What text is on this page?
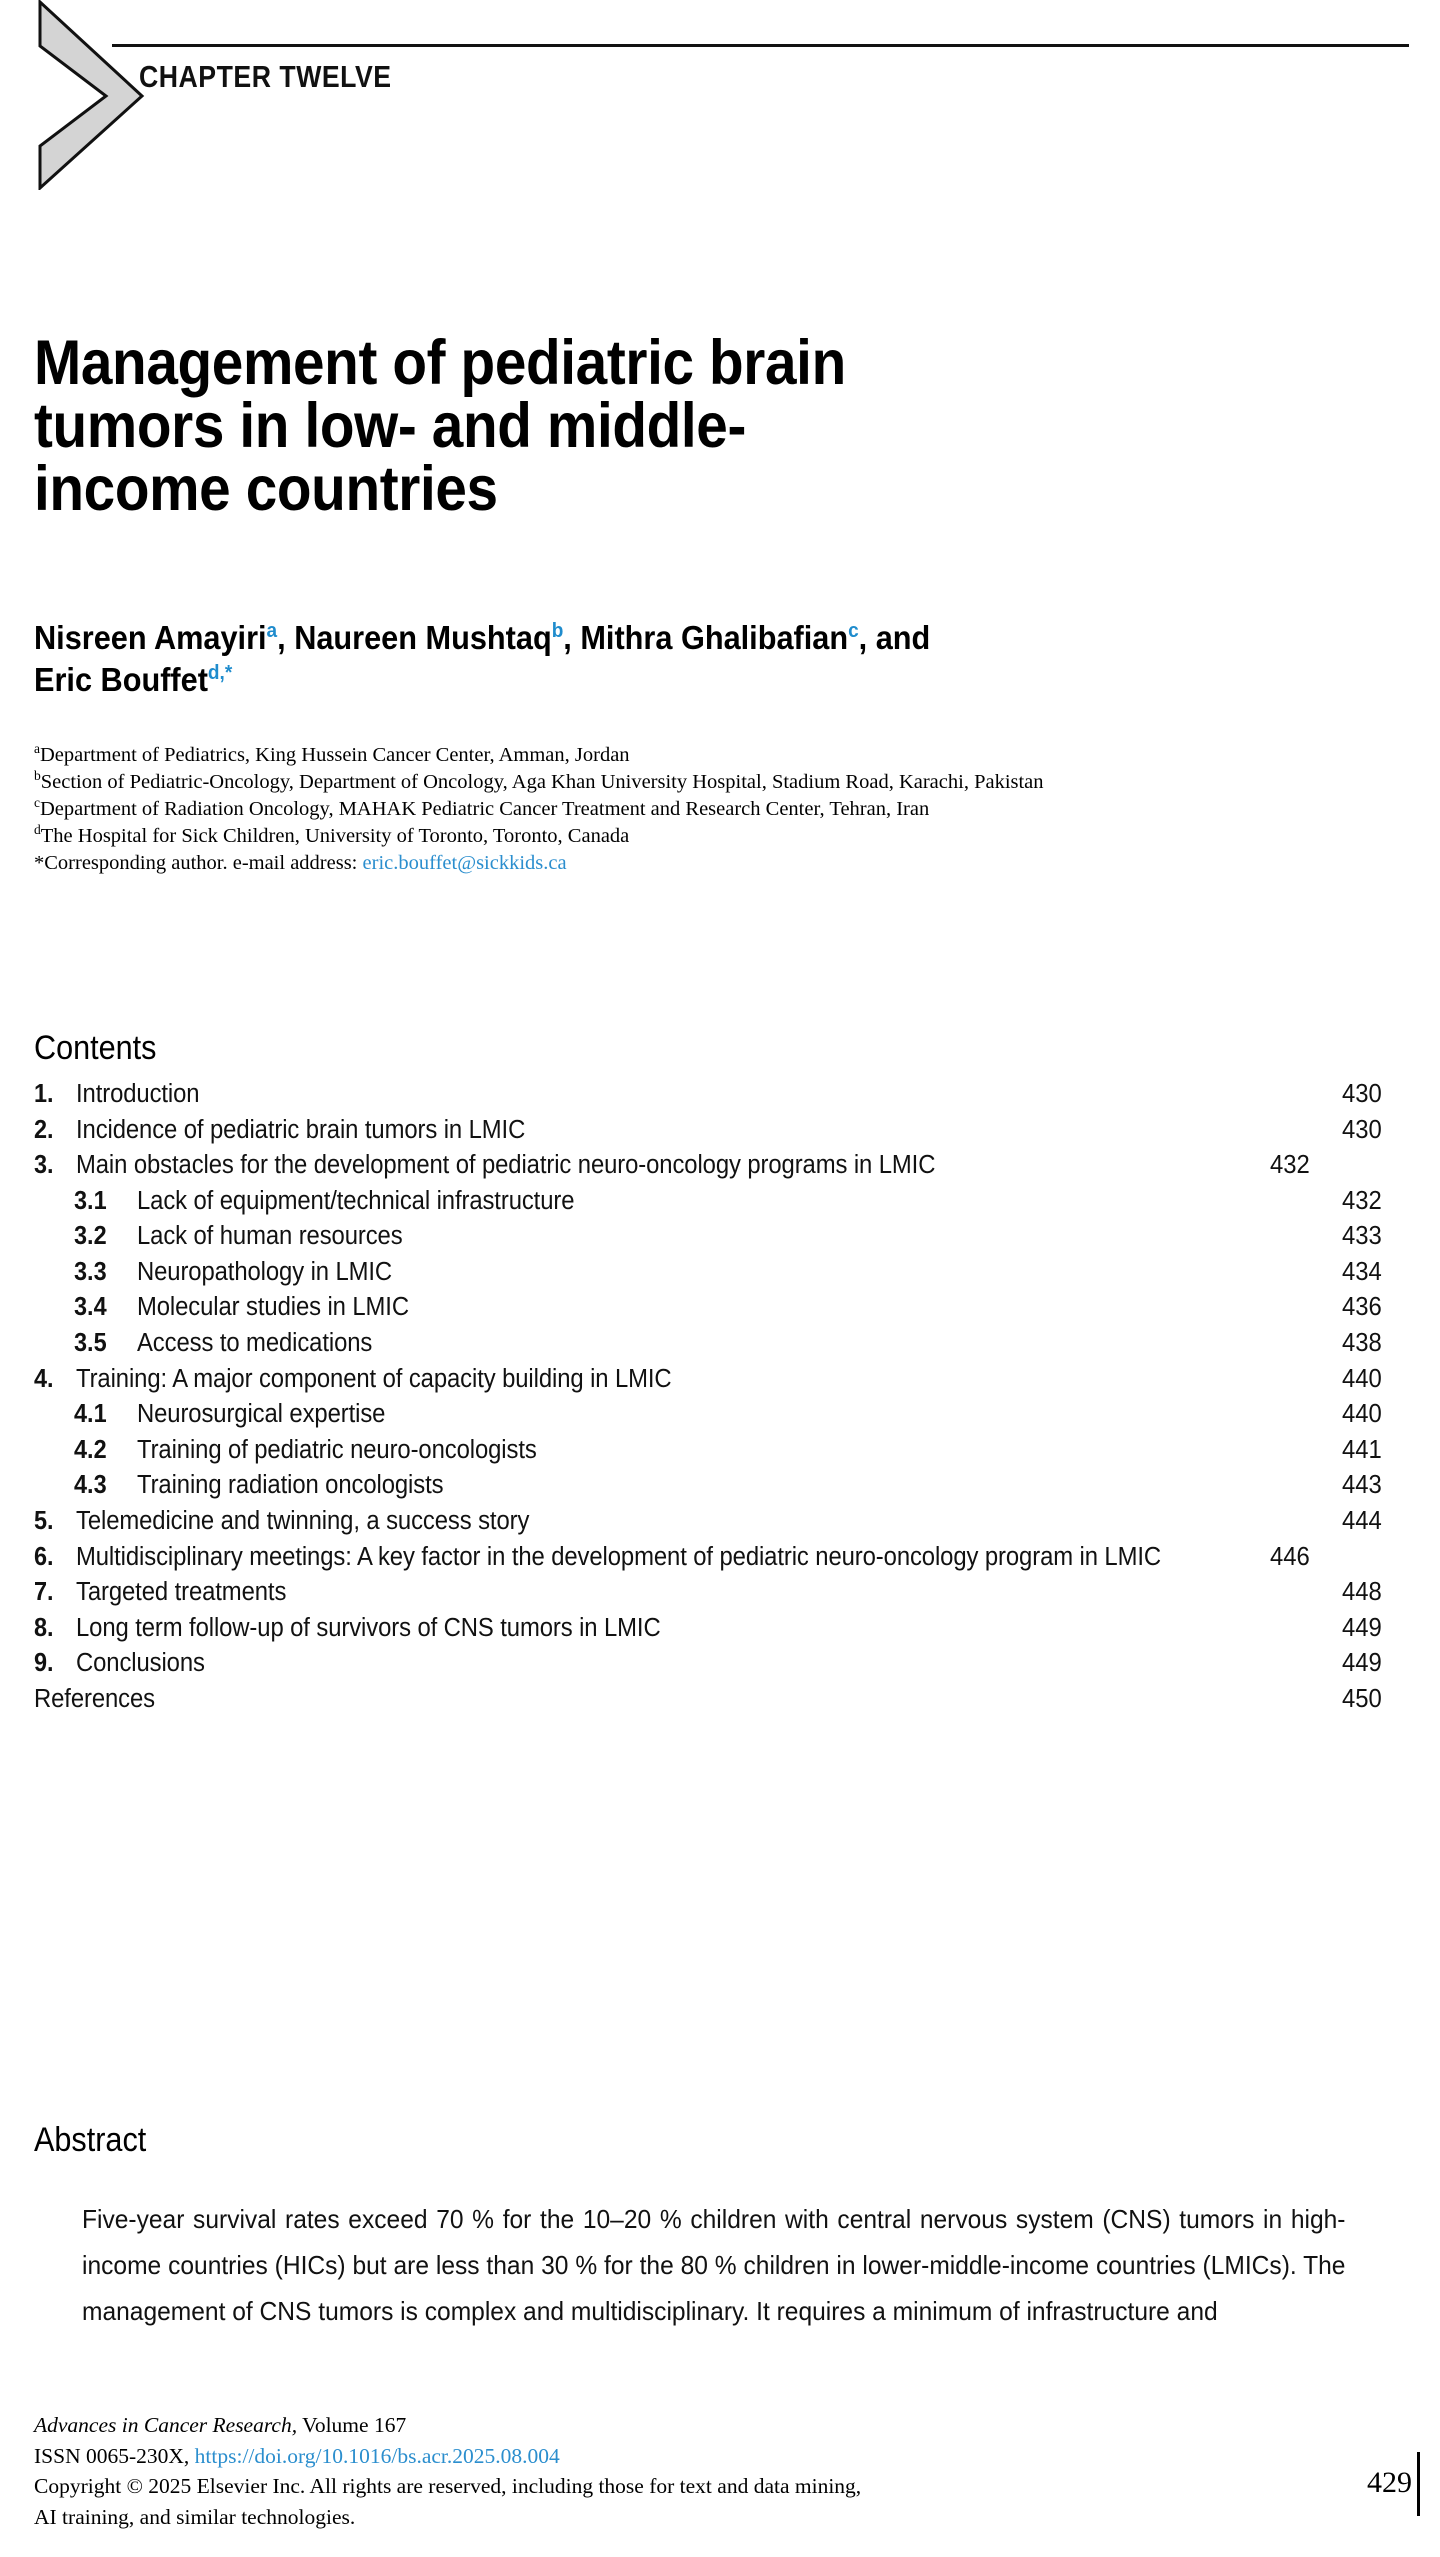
CHAPTER TWELVE
Management of pediatric brain
tumors in low- and middle-
income countries
Nisreen Amayiri$^a$, Naureen Mushtaq$^b$, Mithra Ghalibafian$^c$, and
Eric Bouffet$^{d,*}$
$^a$Department of Pediatrics, King Hussein Cancer Center, Amman, Jordan
$^b$Section of Pediatric-Oncology, Department of Oncology, Aga Khan University Hospital, Stadium Road, Karachi, Pakistan
$^c$Department of Radiation Oncology, MAHAK Pediatric Cancer Treatment and Research Center, Tehran, Iran
$^d$The Hospital for Sick Children, University of Toronto, Toronto, Canada
*Corresponding author. e-mail address: eric.bouffet@sickkids.ca
Contents
1. Introduction	430
2. Incidence of pediatric brain tumors in LMIC	430
3. Main obstacles for the development of pediatric neuro-oncology programs in LMIC	432
3.1	Lack of equipment/technical infrastructure	432
3.2	Lack of human resources	433
3.3	Neuropathology in LMIC	434
3.4	Molecular studies in LMIC	436
3.5	Access to medications	438
4. Training: A major component of capacity building in LMIC	440
4.1	Neurosurgical expertise	440
4.2	Training of pediatric neuro-oncologists	441
4.3	Training radiation oncologists	443
5. Telemedicine and twinning, a success story	444
6. Multidisciplinary meetings: A key factor in the development of pediatric neuro-oncology program in LMIC	446
7. Targeted treatments	448
8. Long term follow-up of survivors of CNS tumors in LMIC	449
9. Conclusions	449
References	450
Abstract

Five-year survival rates exceed 70 % for the 10–20 % children with central nervous system (CNS) tumors in high-income countries (HICs) but are less than 30 % for the 80 % children in lower-middle-income countries (LMICs). The management of CNS tumors is complex and multidisciplinary. It requires a minimum of infrastructure and

Advances in Cancer Research, Volume 167
ISSN 0065-230X, https://doi.org/10.1016/bs.acr.2025.08.004
Copyright © 2025 Elsevier Inc. All rights are reserved, including those for text and data mining,
AI training, and similar technologies.
429
